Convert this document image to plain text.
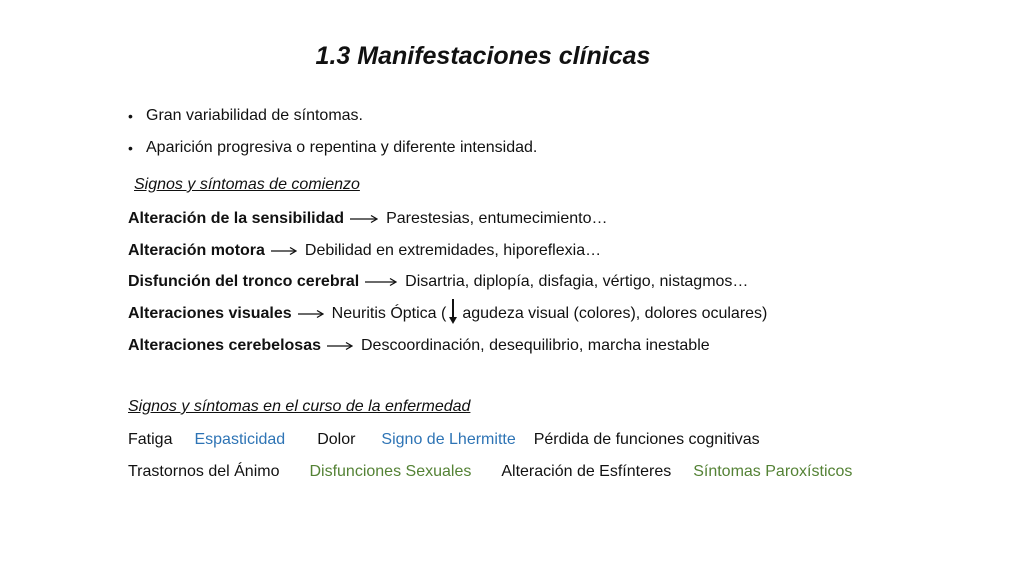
1.3 Manifestaciones clínicas
• Gran variabilidad de síntomas.
• Aparición progresiva o repentina y diferente intensidad.
Signos y síntomas de comienzo
Alteración de la sensibilidad	Parestesias, entumecimiento…
Alteración motora	Debilidad en extremidades, hiporeflexia…
Disfunción del tronco cerebral	Disartria, diplopía, disfagia, vértigo, nistagmos…
Alteraciones visuales	Neuritis Óptica ( agudeza visual (colores), dolores oculares)
Alteraciones cerebelosas	Descoordinación, desequilibrio, marcha inestable
Signos y síntomas en el curso de la enfermedad
Fatiga Espasticidad Dolor Signo de Lhermitte Pérdida de funciones cognitivas
Trastornos del Ánimo Disfunciones Sexuales Alteración de Esfínteres Síntomas Paroxísticos
